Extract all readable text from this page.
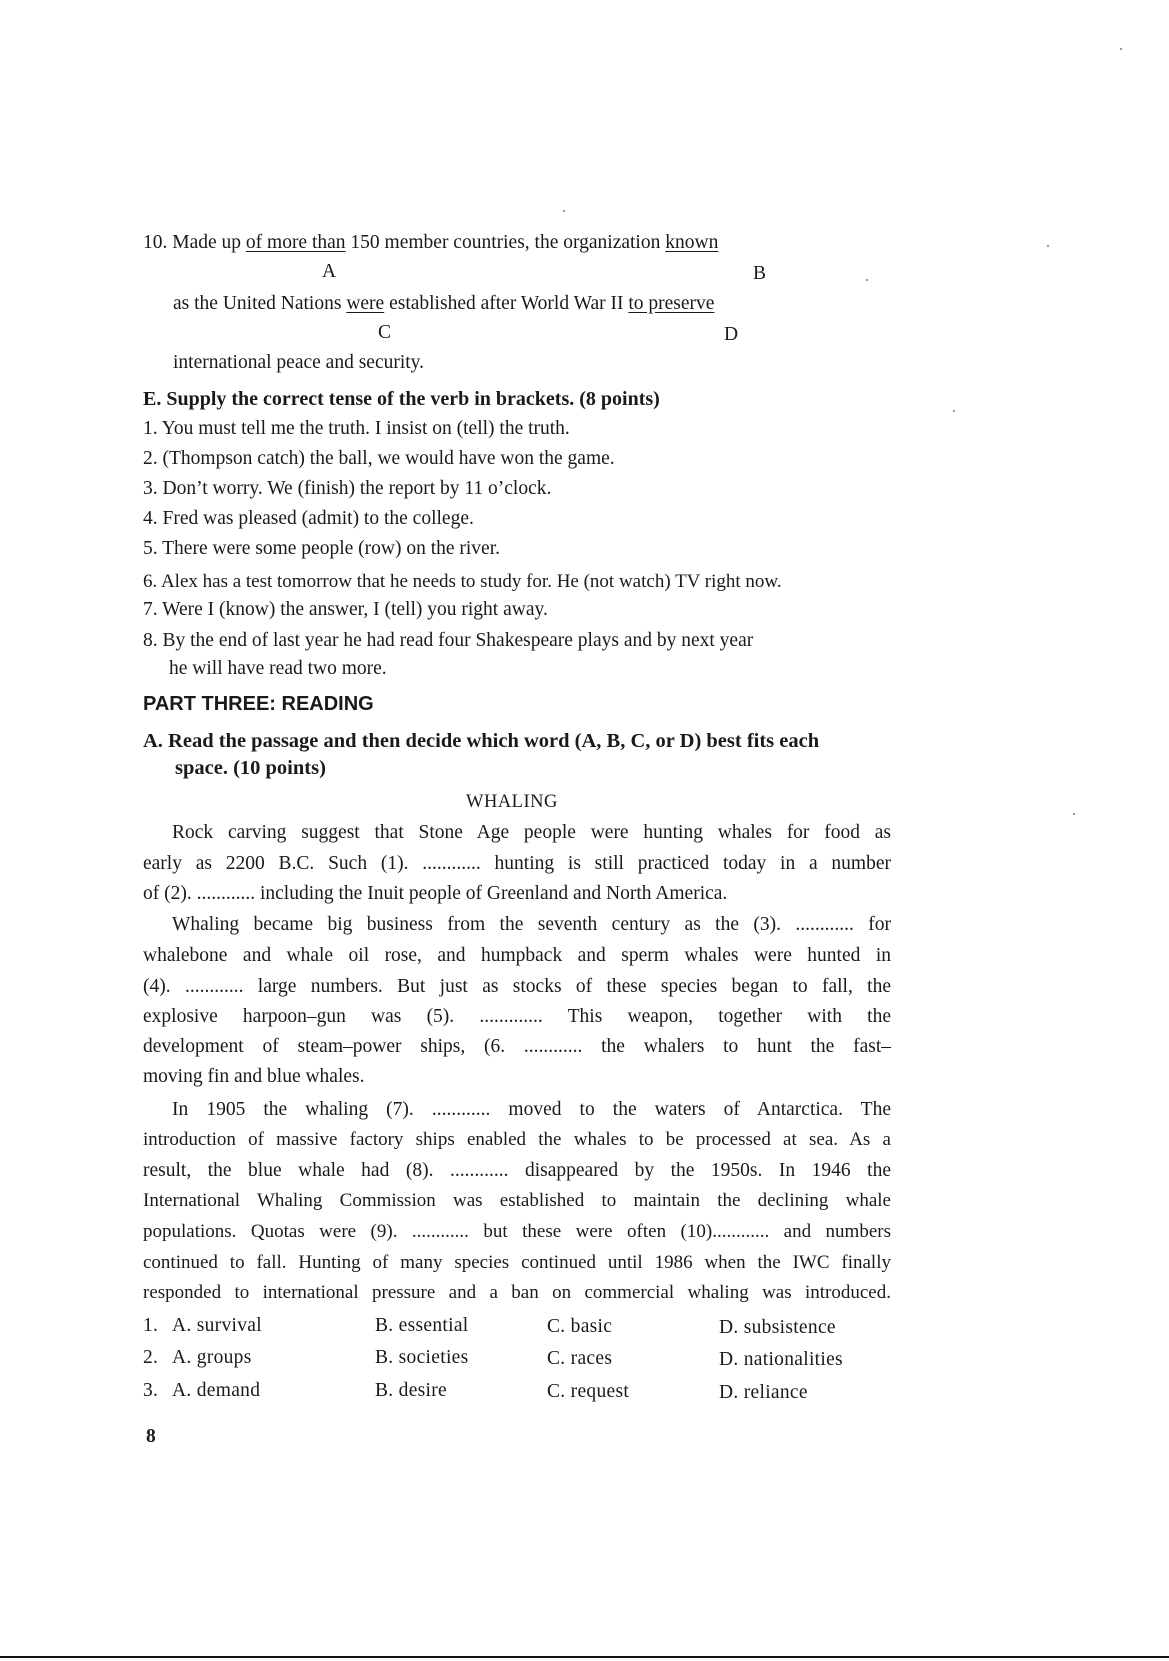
10. Made up of more than 150 member countries, the organization known
A	B
as the United Nations were established after World War II to preserve
C	D
international peace and security.
E. Supply the correct tense of the verb in brackets. (8 points)
1. You must tell me the truth. I insist on (tell) the truth.
2. (Thompson catch) the ball, we would have won the game.
3. Don’t worry. We (finish) the report by 11 o’clock.
4. Fred was pleased (admit) to the college.
5. There were some people (row) on the river.
6. Alex has a test tomorrow that he needs to study for. He (not watch) TV right now.
7. Were I (know) the answer, I (tell) you right away.
8. By the end of last year he had read four Shakespeare plays and by next year
he will have read two more.
PART THREE: READING
A. Read the passage and then decide which word (A, B, C, or D) best fits each
space. (10 points)
WHALING
Rock carving suggest that Stone Age people were hunting whales for food as
early as 2200 B.C. Such (1). ............ hunting is still practiced today in a number
of (2). ............ including the Inuit people of Greenland and North America.
Whaling became big business from the seventh century as the (3). ............ for
whalebone and whale oil rose, and humpback and sperm whales were hunted in
(4). ............ large numbers. But just as stocks of these species began to fall, the
explosive harpoon–gun was (5). ............. This weapon, together with the
development of steam–power ships, (6. ............ the whalers to hunt the fast–
moving fin and blue whales.
In 1905 the whaling (7). ............ moved to the waters of Antarctica. The
introduction of massive factory ships enabled the whales to be processed at sea. As a
result, the blue whale had (8). ............ disappeared by the 1950s. In 1946 the
International Whaling Commission was established to maintain the declining whale
populations. Quotas were (9). ............ but these were often (10)............ and numbers
continued to fall. Hunting of many species continued until 1986 when the IWC finally
responded to international pressure and a ban on commercial whaling was introduced.
1. A. survival	B. essential	C. basic	D. subsistence
2. A. groups	B. societies	C. races	D. nationalities
3. A. demand	B. desire	C. request	D. reliance
8
